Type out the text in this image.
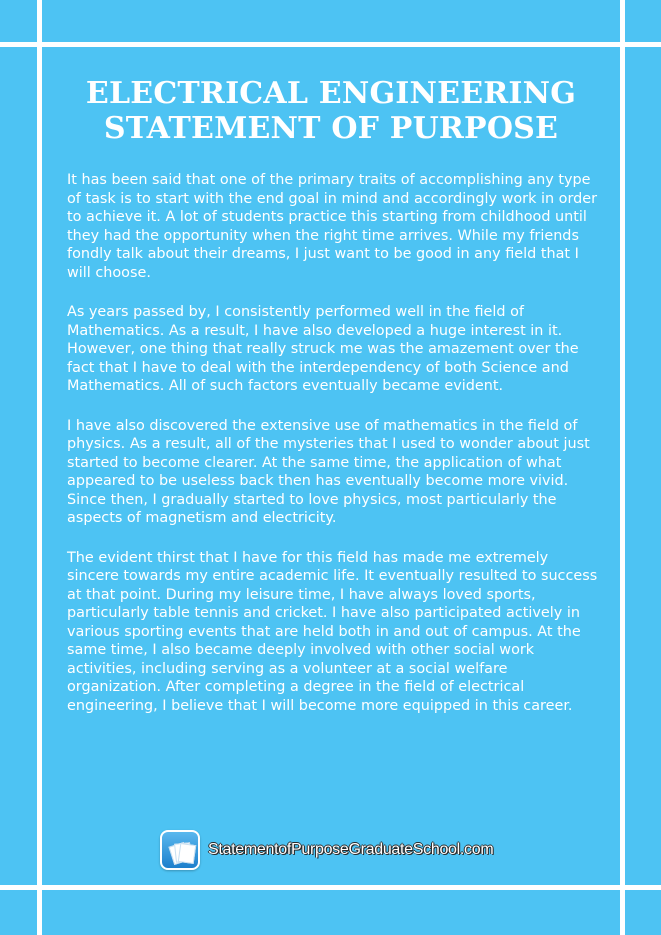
ELECTRICAL ENGINEERING
STATEMENT OF PURPOSE

It has been said that one of the primary traits of accomplishing any type of task is to start with the end goal in mind and accordingly work in order to achieve it. A lot of students practice this starting from childhood until they had the opportunity when the right time arrives. While my friends fondly talk about their dreams, I just want to be good in any field that I will choose.

As years passed by, I consistently performed well in the field of Mathematics. As a result, I have also developed a huge interest in it. However, one thing that really struck me was the amazement over the fact that I have to deal with the interdependency of both Science and Mathematics. All of such factors eventually became evident.

I have also discovered the extensive use of mathematics in the field of physics. As a result, all of the mysteries that I used to wonder about just started to become clearer. At the same time, the application of what appeared to be useless back then has eventually become more vivid. Since then, I gradually started to love physics, most particularly the aspects of magnetism and electricity.

The evident thirst that I have for this field has made me extremely sincere towards my entire academic life. It eventually resulted to success at that point. During my leisure time, I have always loved sports, particularly table tennis and cricket. I have also participated actively in various sporting events that are held both in and out of campus. At the same time, I also became deeply involved with other social work activities, including serving as a volunteer at a social welfare organization. After completing a degree in the field of electrical engineering, I believe that I will become more equipped in this career.

StatementofPurposeGraduateSchool.com
